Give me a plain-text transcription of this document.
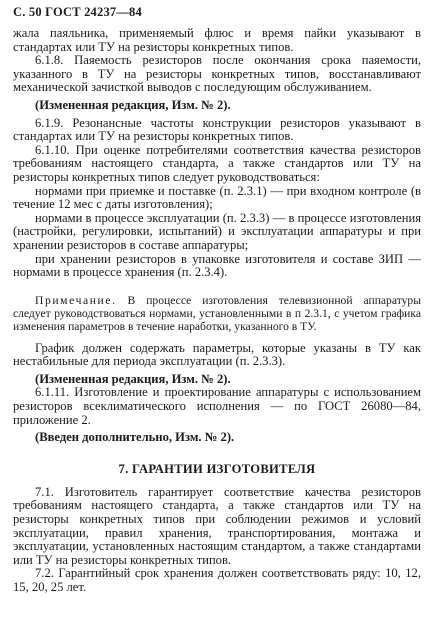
С. 50 ГОСТ 24237—84

жала паяльника, применяемый флюс и время пайки указывают в стандартах или ТУ на резисторы конкретных типов.

6.1.8. Паяемость резисторов после окончания срока паяемости, указанного в ТУ на резисторы конкретных типов, восстанавливают механической зачисткой выводов с последующим обслуживанием.

(Измененная редакция, Изм. № 2).

6.1.9. Резонансные частоты конструкции резисторов указывают в стандартах или ТУ на резисторы конкретных типов.

6.1.10. При оценке потребителями соответствия качества резисторов требованиям настоящего стандарта, а также стандартов или ТУ на резисторы конкретных типов следует руководствоваться:

нормами при приемке и поставке (п. 2.3.1) — при входном контроле (в течение 12 мес с даты изготовления);

нормами в процессе эксплуатации (п. 2.3.3) — в процессе изготовления (настройки, регулировки, испытаний) и эксплуатации аппаратуры и при хранении резисторов в составе аппаратуры;

при хранении резисторов в упаковке изготовителя и составе ЗИП — нормами в процессе хранения (п. 2.3.4).

Примечание. В процессе изготовления телевизионной аппаратуры следует руководствоваться нормами, установленными в п 2.3.1, с учетом графика изменения параметров в течение наработки, указанного в ТУ.

График должен содержать параметры, которые указаны в ТУ как нестабильные для периода эксплуатации (п. 2.3.3).

(Измененная редакция, Изм. № 2).

6.1.11. Изготовление и проектирование аппаратуры с использованием резисторов всеклиматического исполнения — по ГОСТ 26080—84, приложение 2.

(Введен дополнительно, Изм. № 2).

7. ГАРАНТИИ ИЗГОТОВИТЕЛЯ

7.1. Изготовитель гарантирует соответствие качества резисторов требованиям настоящего стандарта, а также стандартов или ТУ на резисторы конкретных типов при соблюдении режимов и условий эксплуатации, правил хранения, транспортирования, монтажа и эксплуатации, установленных настоящим стандартом, а также стандартами или ТУ на резисторы конкретных типов.

7.2. Гарантийный срок хранения должен соответствовать ряду: 10, 12, 15, 20, 25 лет.
